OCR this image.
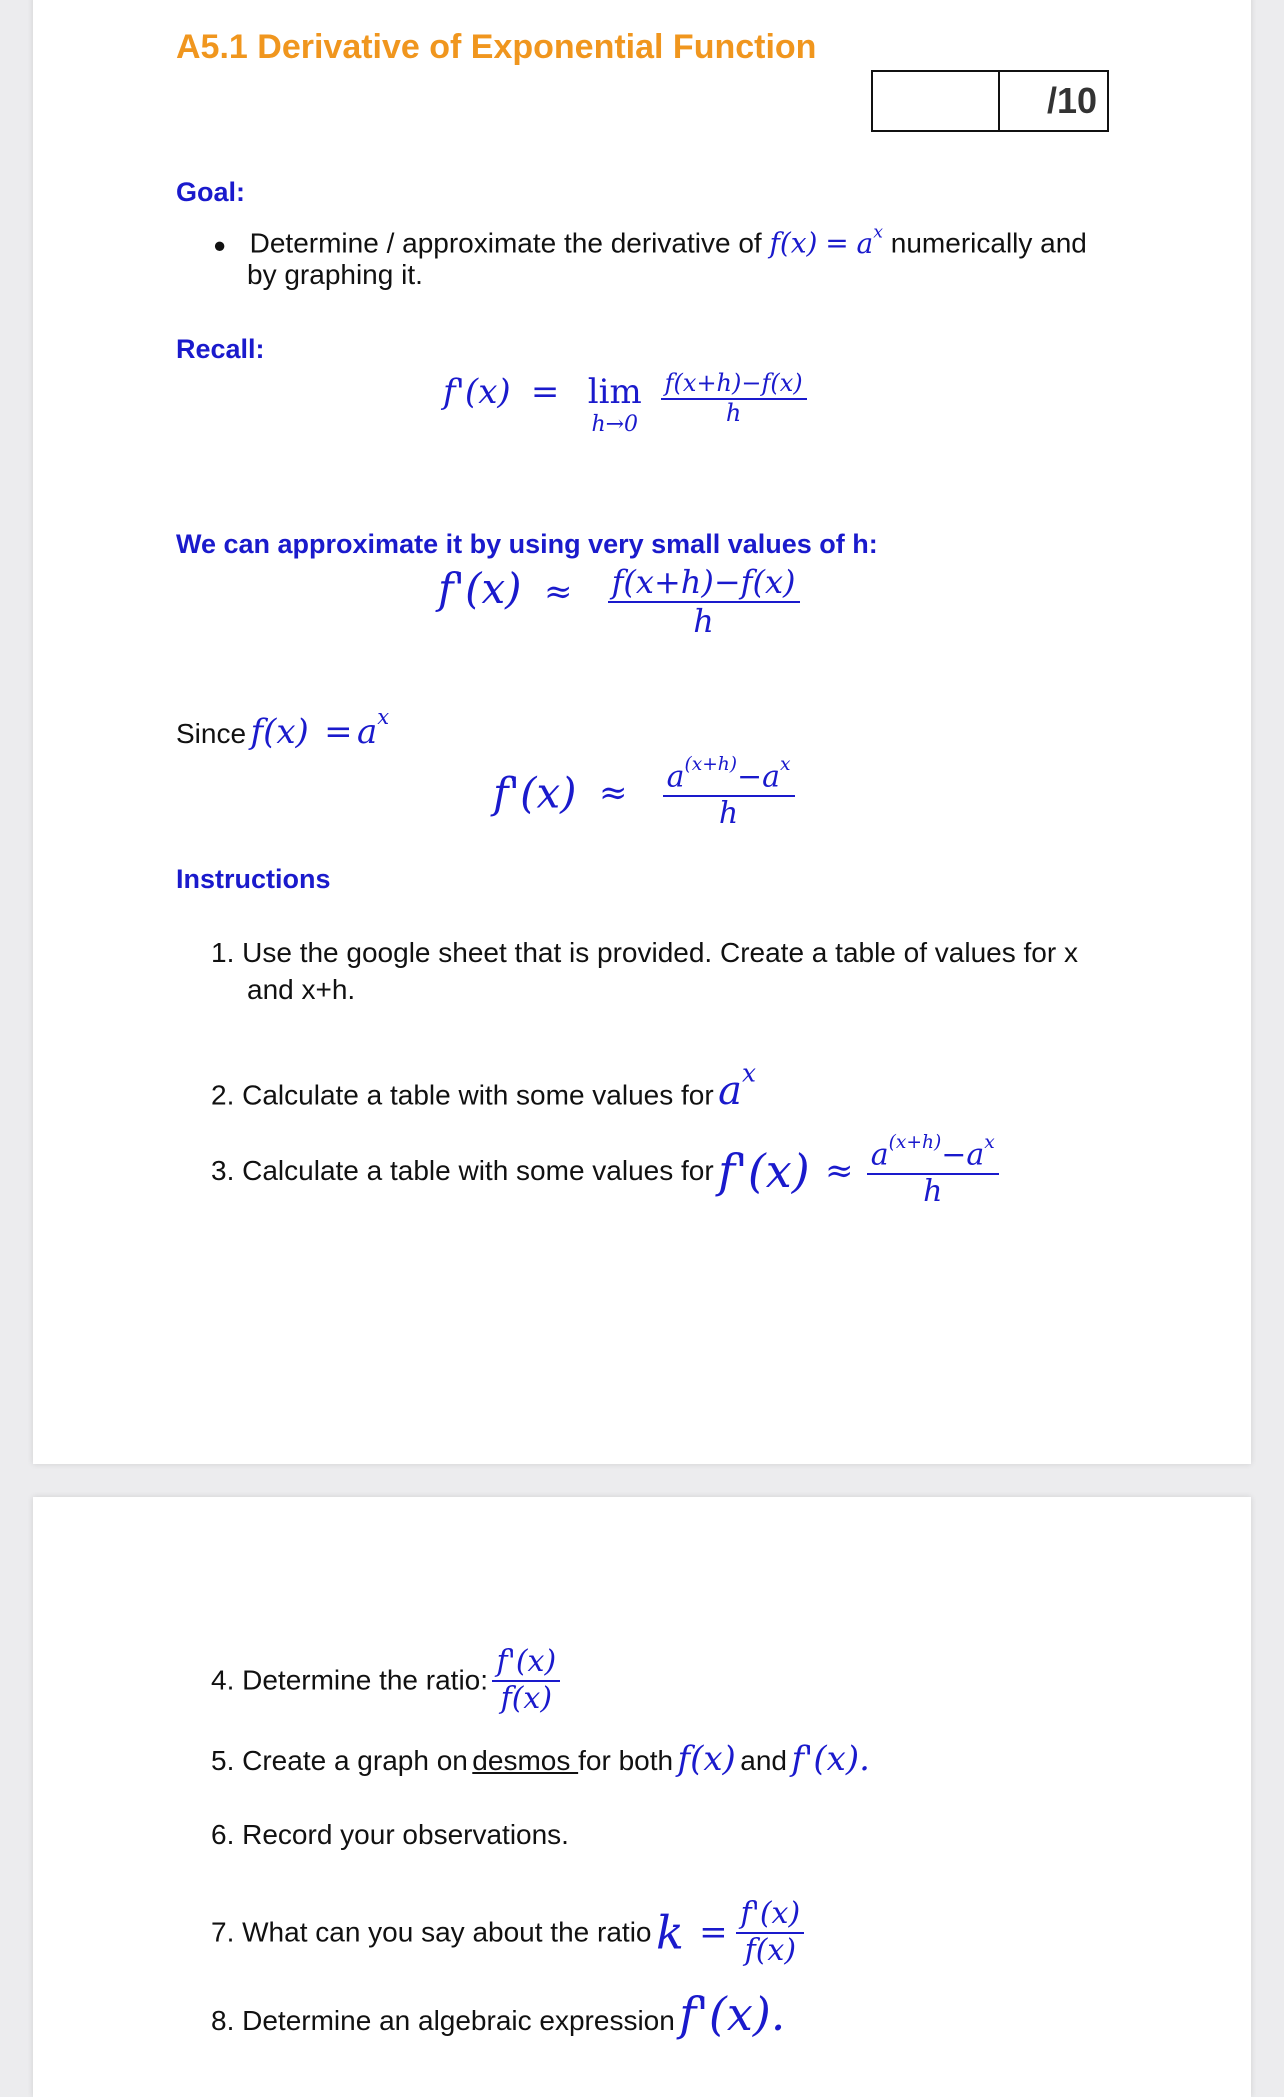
A5.1 Derivative of Exponential Function
/10
Goal:
● Determine / approximate the derivative of $f(x) = a^x$ numerically and
by graphing it.
Recall:
f'(x) = lim
h→0
$\frac{f(x+h)-f(x)}{h}$
We can approximate it by using very small values of h:
$f'(x) \approx \frac{f(x+h)-f(x)}{h}$
Since $f(x) = a^x$
$f'(x) \approx \frac{a^{(x+h)}-a^x}{h}$
Instructions
1. Use the google sheet that is provided. Create a table of values for x
and x+h.
2. Calculate a table with some values for $a^x$
3. Calculate a table with some values for $f'(x) \approx \frac{a^{(x+h)}-a^x}{h}$
4. Determine the ratio: $\frac{f'(x)}{f(x)}$
5. Create a graph on desmos for both f(x) and f'(x).
6. Record your observations.
7. What can you say about the ratio $k = \frac{f'(x)}{f(x)}$
8. Determine an algebraic expression f'(x).
